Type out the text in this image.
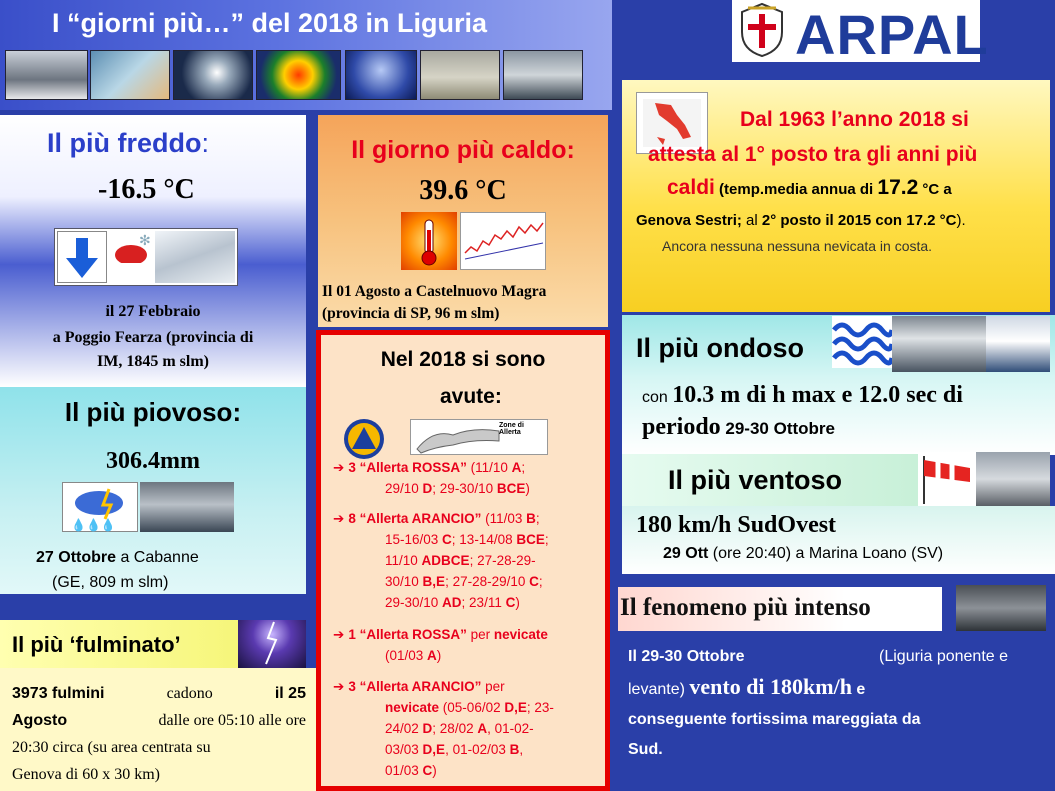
I “giorni più…” del 2018 in Liguria	ARPAL
Dal 1963 l’anno 2018 si
attesta al 1° posto tra gli anni più
caldi (temp.media annua di 17.2 °C a
Genova Sestri; al 2° posto il 2015 con 17.2 °C).
Ancora nessuna nessuna nevicata in costa.
Il più freddo:
-16.5 °C
✻
il 27 Febbraio
a Poggio Fearza (provincia di
IM, 1845 m slm)
Il giorno più caldo:
39.6 °C
Il 01 Agosto a Castelnuovo Magra
(provincia di SP, 96 m slm)
Il più piovoso:
306.4mm
💧💧💧
27 Ottobre a Cabanne
(GE, 809 m slm)
Il più ‘fulminato’
3973 fulmini	cadono	il 25
Agosto	dalle ore 05:10 alle ore
20:30 circa (su area centrata su
Genova di 60 x 30 km)
Nel 2018 si sono
avute:
Zone di Allerta
➔ 3 “Allerta ROSSA” (11/10 A;
29/10 D; 29-30/10 BCE)
➔ 8 “Allerta ARANCIO” (11/03 B;
15-16/03 C; 13-14/08 BCE;
11/10 ADBCE; 27-28-29-
30/10 B,E; 27-28-29/10 C;
29-30/10 AD; 23/11 C)
➔ 1 “Allerta ROSSA” per nevicate
(01/03 A)
➔ 3 “Allerta ARANCIO” per
nevicate (05-06/02 D,E; 23-
24/02 D; 28/02 A, 01-02-
03/03 D,E, 01-02/03 B,
01/03 C)
Il più ondoso
con 10.3 m di h max e 12.0 sec di
periodo 29-30 Ottobre
Il più ventoso
180 km/h SudOvest
29 Ott (ore 20:40) a Marina Loano (SV)
Il fenomeno più intenso
Il 29-30 Ottobre	(Liguria ponente e
levante) vento di 180km/h e
conseguente fortissima mareggiata da
Sud.
